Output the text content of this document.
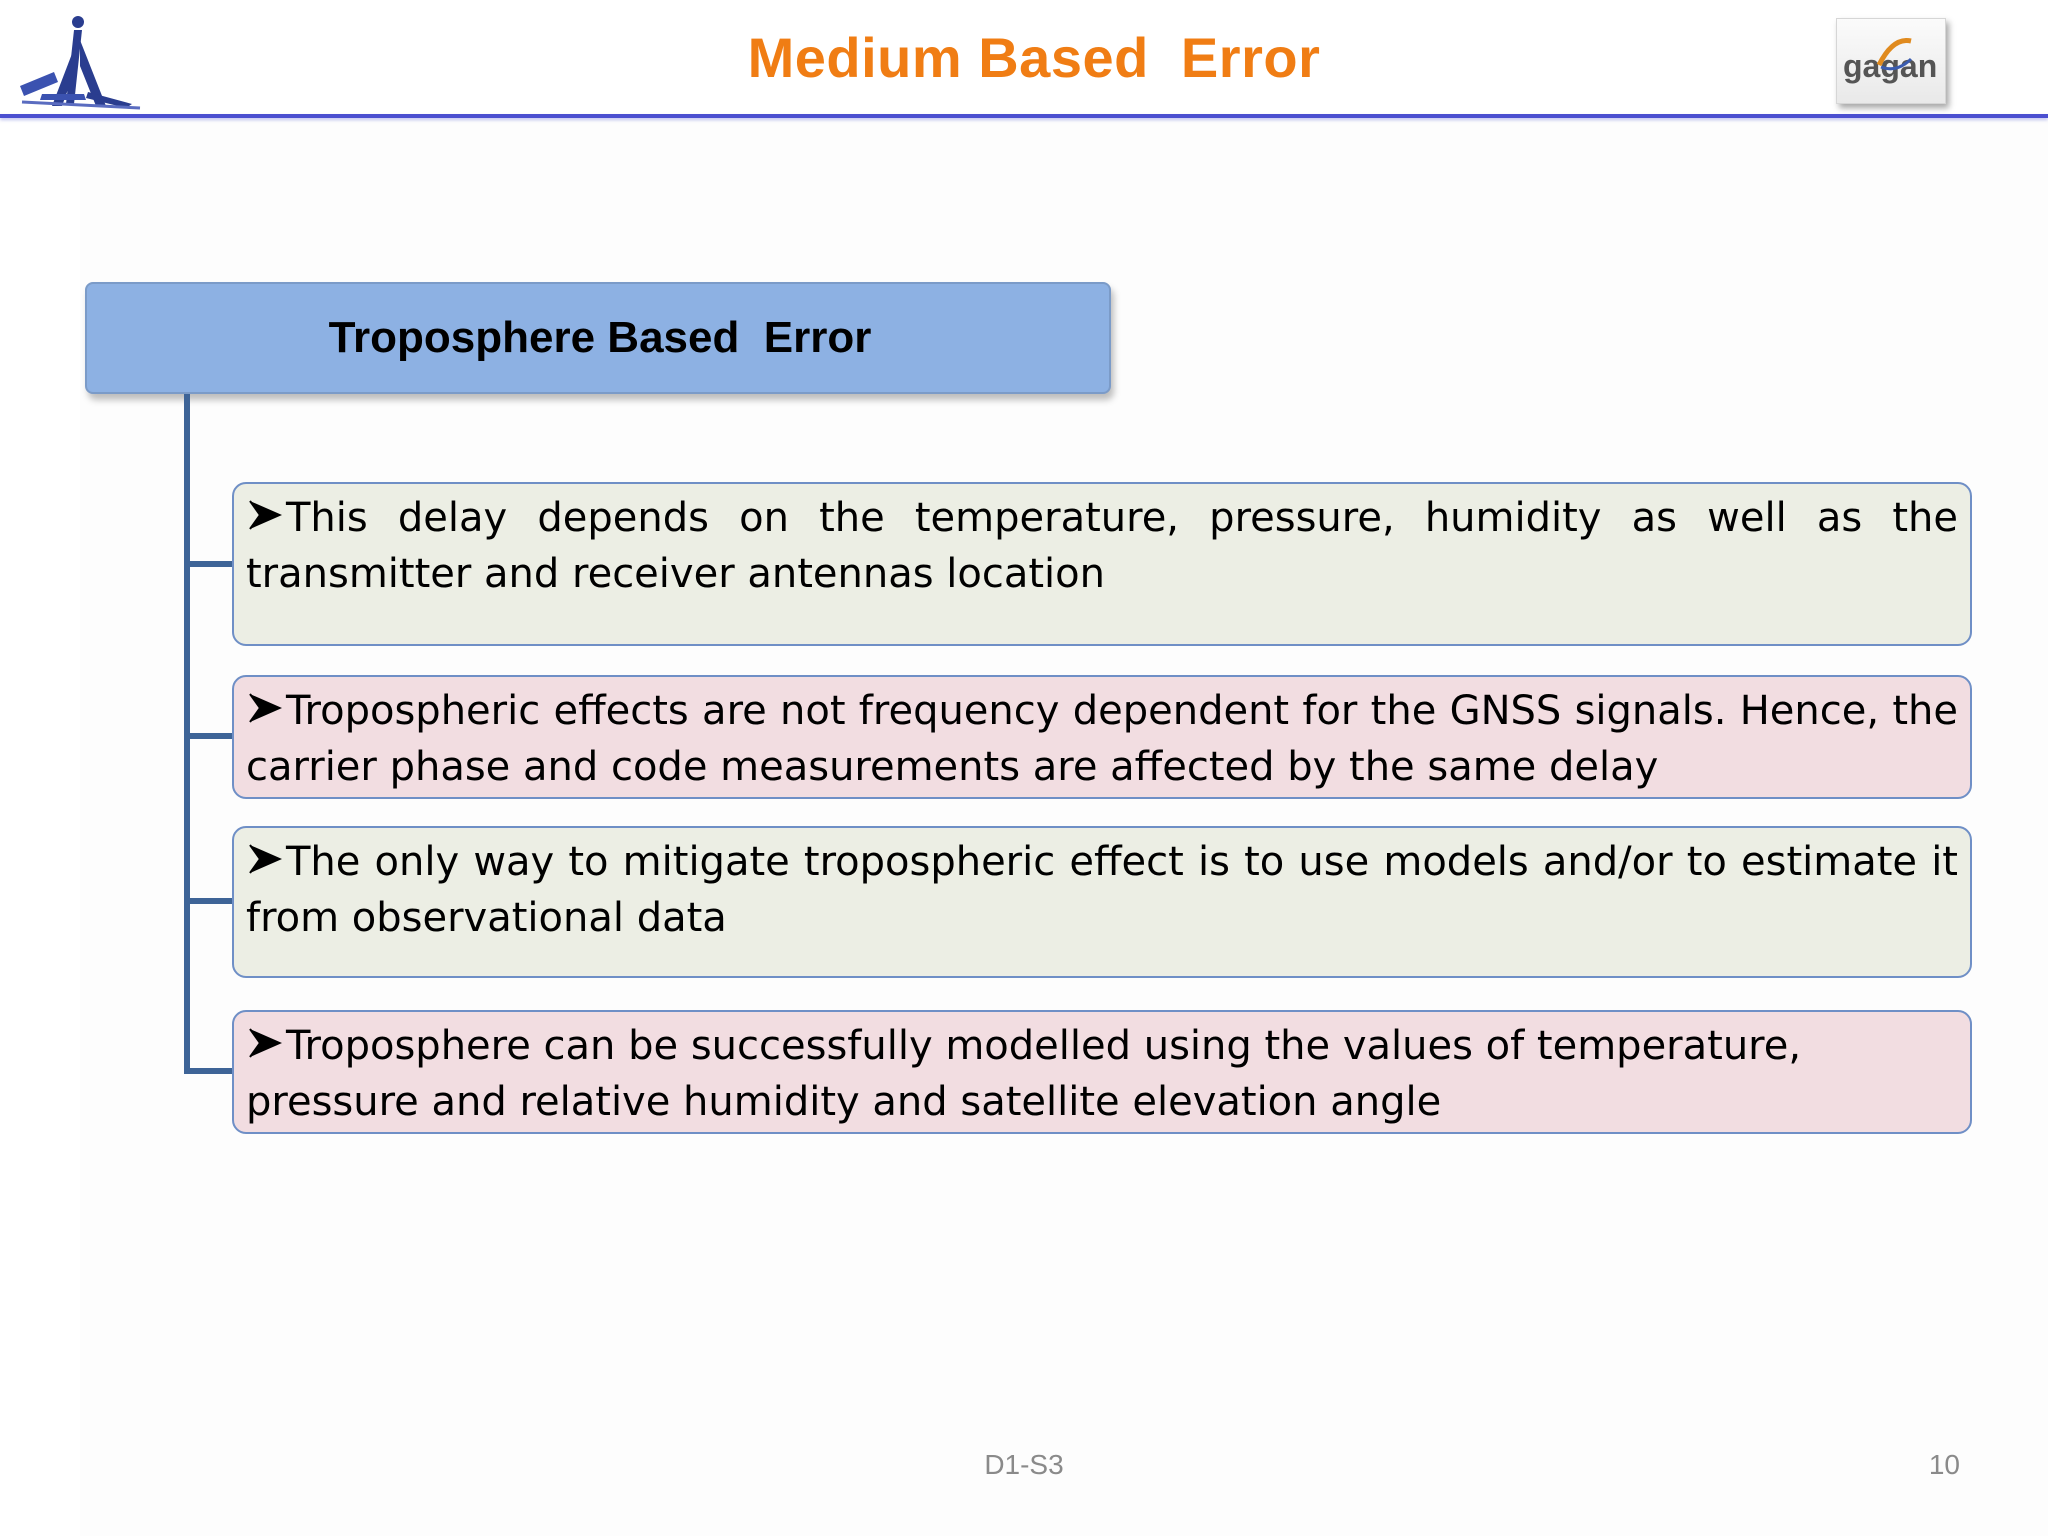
Medium Based  Error	gagan
Troposphere Based  Error

This delay depends on the temperature, pressure, humidity as well as the transmitter and receiver antennas location

Tropospheric effects are not frequency dependent for the GNSS signals. Hence, the carrier phase and code measurements are affected by the same delay

The only way to mitigate tropospheric effect is to use models and/or to estimate it from observational data

Troposphere can be successfully modelled using the values of temperature, pressure and relative humidity and satellite elevation angle

D1-S3	10
